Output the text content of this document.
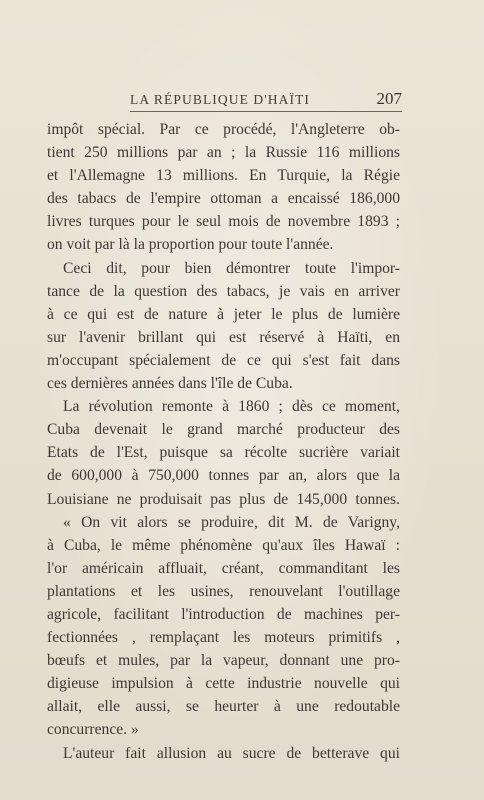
LA RÉPUBLIQUE D'HAÏTI	207
impôt spécial. Par ce procédé, l'Angleterre ob-
tient 250 millions par an ; la Russie 116 millions
et l'Allemagne 13 millions. En Turquie, la Régie
des tabacs de l'empire ottoman a encaissé 186,000
livres turques pour le seul mois de novembre 1893 ;
on voit par là la proportion pour toute l'année.
Ceci dit, pour bien démontrer toute l'impor-
tance de la question des tabacs, je vais en arriver
à ce qui est de nature à jeter le plus de lumière
sur l'avenir brillant qui est réservé à Haïti, en
m'occupant spécialement de ce qui s'est fait dans
ces dernières années dans l'île de Cuba.
La révolution remonte à 1860 ; dès ce moment,
Cuba devenait le grand marché producteur des
Etats de l'Est, puisque sa récolte sucrière variait
de 600,000 à 750,000 tonnes par an, alors que la
Louisiane ne produisait pas plus de 145,000 tonnes.
« On vit alors se produire, dit M. de Varigny,
à Cuba, le même phénomène qu'aux îles Hawaï :
l'or américain affluait, créant, commanditant les
plantations et les usines, renouvelant l'outillage
agricole, facilitant l'introduction de machines per-
fectionnées , remplaçant les moteurs primitifs ,
bœufs et mules, par la vapeur, donnant une pro-
digieuse impulsion à cette industrie nouvelle qui
allait, elle aussi, se heurter à une redoutable
concurrence. »
L'auteur fait allusion au sucre de betterave qui
